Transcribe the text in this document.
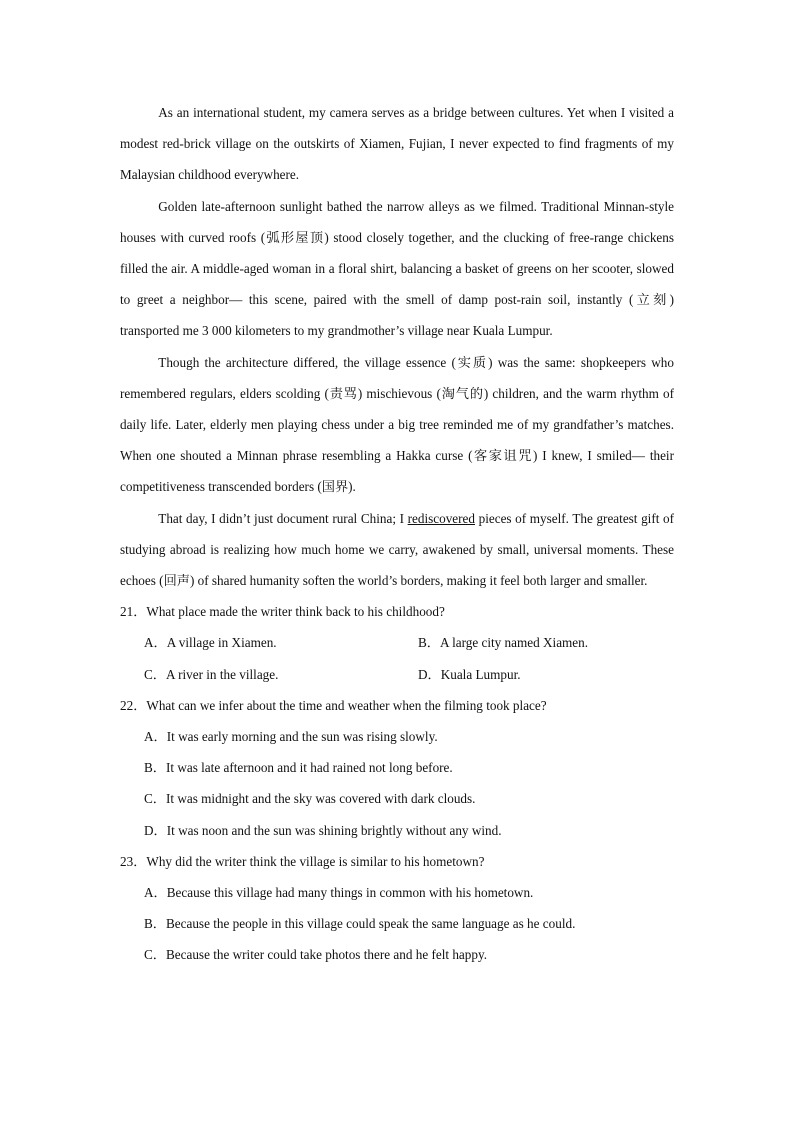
As an international student, my camera serves as a bridge between cultures. Yet when I visited a modest red-brick village on the outskirts of Xiamen, Fujian, I never expected to find fragments of my Malaysian childhood everywhere.

Golden late-afternoon sunlight bathed the narrow alleys as we filmed. Traditional Minnan-style houses with curved roofs (弧形屋顶) stood closely together, and the clucking of free-range chickens filled the air. A middle-aged woman in a floral shirt, balancing a basket of greens on her scooter, slowed to greet a neighbor— this scene, paired with the smell of damp post-rain soil, instantly (立刻) transported me 3 000 kilometers to my grandmother’s village near Kuala Lumpur.

Though the architecture differed, the village essence (实质) was the same: shopkeepers who remembered regulars, elders scolding (责骂) mischievous (淘气的) children, and the warm rhythm of daily life. Later, elderly men playing chess under a big tree reminded me of my grandfather’s matches. When one shouted a Minnan phrase resembling a Hakka curse (客家诅咒) I knew, I smiled— their competitiveness transcended borders (国界).

That day, I didn’t just document rural China; I rediscovered pieces of myself. The greatest gift of studying abroad is realizing how much home we carry, awakened by small, universal moments. These echoes (回声) of shared humanity soften the world’s borders, making it feel both larger and smaller.

21．What place made the writer think back to his childhood?

A．A village in Xiamen.	B．A large city named Xiamen.
C．A river in the village.	D．Kuala Lumpur.

22．What can we infer about the time and weather when the filming took place?

A．It was early morning and the sun was rising slowly.
B．It was late afternoon and it had rained not long before.
C．It was midnight and the sky was covered with dark clouds.
D．It was noon and the sun was shining brightly without any wind.

23．Why did the writer think the village is similar to his hometown?

A．Because this village had many things in common with his hometown.
B．Because the people in this village could speak the same language as he could.
C．Because the writer could take photos there and he felt happy.
